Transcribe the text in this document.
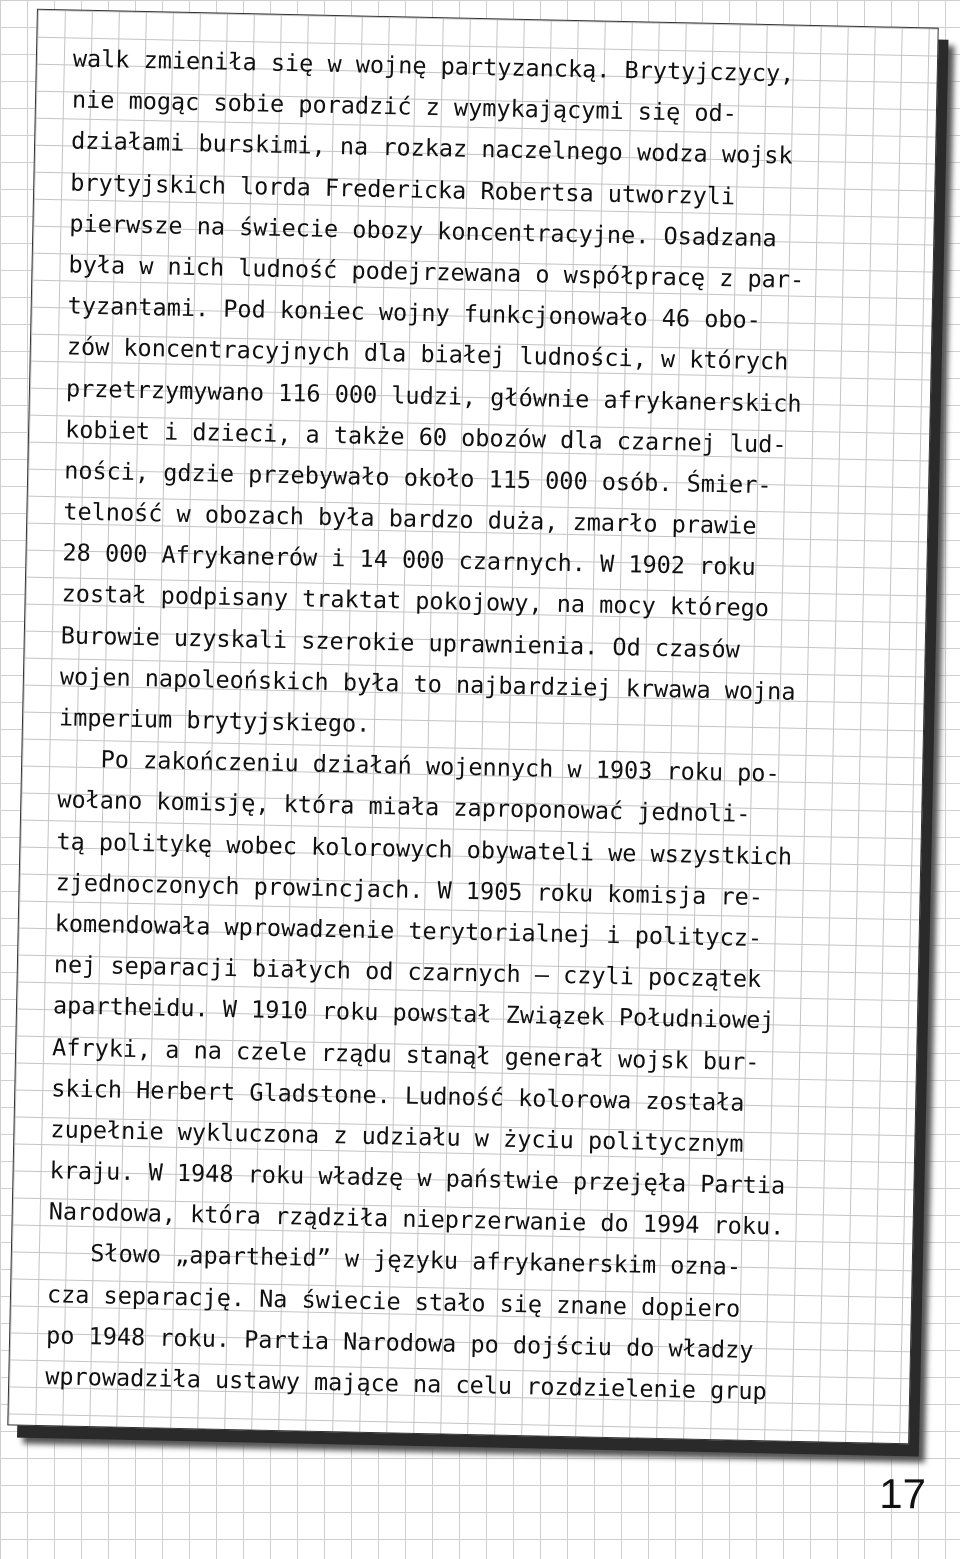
walk zmieniła się w wojnę partyzancką. Brytyjczycy,
nie mogąc sobie poradzić z wymykającymi się od-
działami burskimi, na rozkaz naczelnego wodza wojsk
brytyjskich lorda Fredericka Robertsa utworzyli
pierwsze na świecie obozy koncentracyjne. Osadzana
była w nich ludność podejrzewana o współpracę z par-
tyzantami. Pod koniec wojny funkcjonowało 46 obo-
zów koncentracyjnych dla białej ludności, w których
przetrzymywano 116 000 ludzi, głównie afrykanerskich
kobiet i dzieci, a także 60 obozów dla czarnej lud-
ności, gdzie przebywało około 115 000 osób. Śmier-
telność w obozach była bardzo duża, zmarło prawie
28 000 Afrykanerów i 14 000 czarnych. W 1902 roku
został podpisany traktat pokojowy, na mocy którego
Burowie uzyskali szerokie uprawnienia. Od czasów
wojen napoleońskich była to najbardziej krwawa wojna
imperium brytyjskiego.
Po zakończeniu działań wojennych w 1903 roku po-
wołano komisję, która miała zaproponować jednoli-
tą politykę wobec kolorowych obywateli we wszystkich
zjednoczonych prowincjach. W 1905 roku komisja re-
komendowała wprowadzenie terytorialnej i politycz-
nej separacji białych od czarnych – czyli początek
apartheidu. W 1910 roku powstał Związek Południowej
Afryki, a na czele rządu stanął generał wojsk bur-
skich Herbert Gladstone. Ludność kolorowa została
zupełnie wykluczona z udziału w życiu politycznym
kraju. W 1948 roku władzę w państwie przejęła Partia
Narodowa, która rządziła nieprzerwanie do 1994 roku.
Słowo „apartheid” w języku afrykanerskim ozna-
cza separację. Na świecie stało się znane dopiero
po 1948 roku. Partia Narodowa po dojściu do władzy
wprowadziła ustawy mające na celu rozdzielenie grup
17
